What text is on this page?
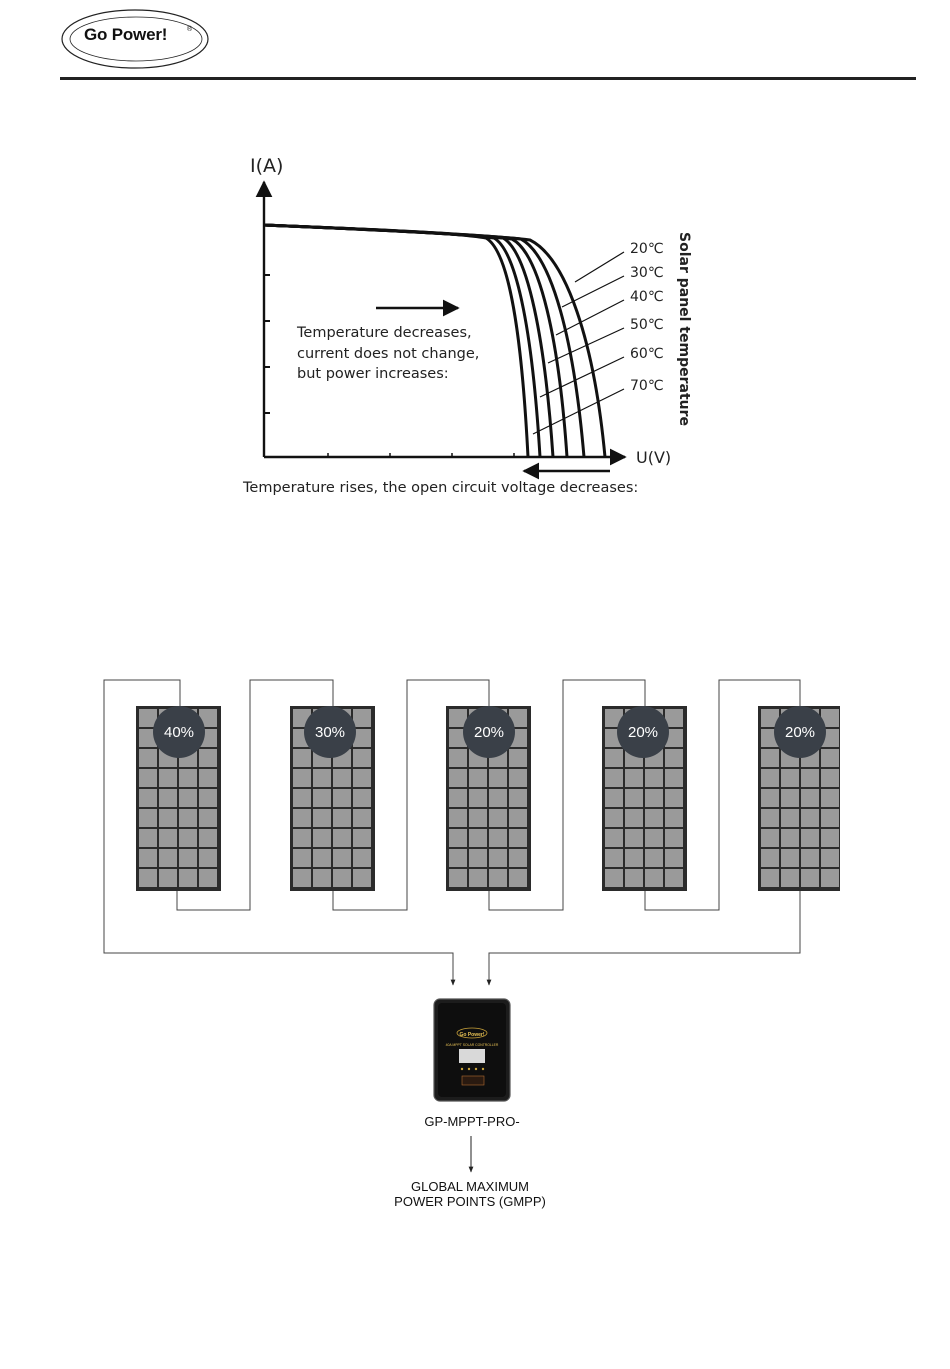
Go Power!	®
I(A)
U(V)
20℃
30℃
40℃
50℃
60℃
70℃ Solar panel temperature
Temperature decreases,
current does not change,
but power increases:
Temperature rises, the open circuit voltage decreases:
40%	30%	20%	20%	20%
Go Power!
40A MPPT SOLAR CONTROLLER
GP-MPPT-PRO-
GLOBAL MAXIMUM
POWER POINTS (GMPP)
